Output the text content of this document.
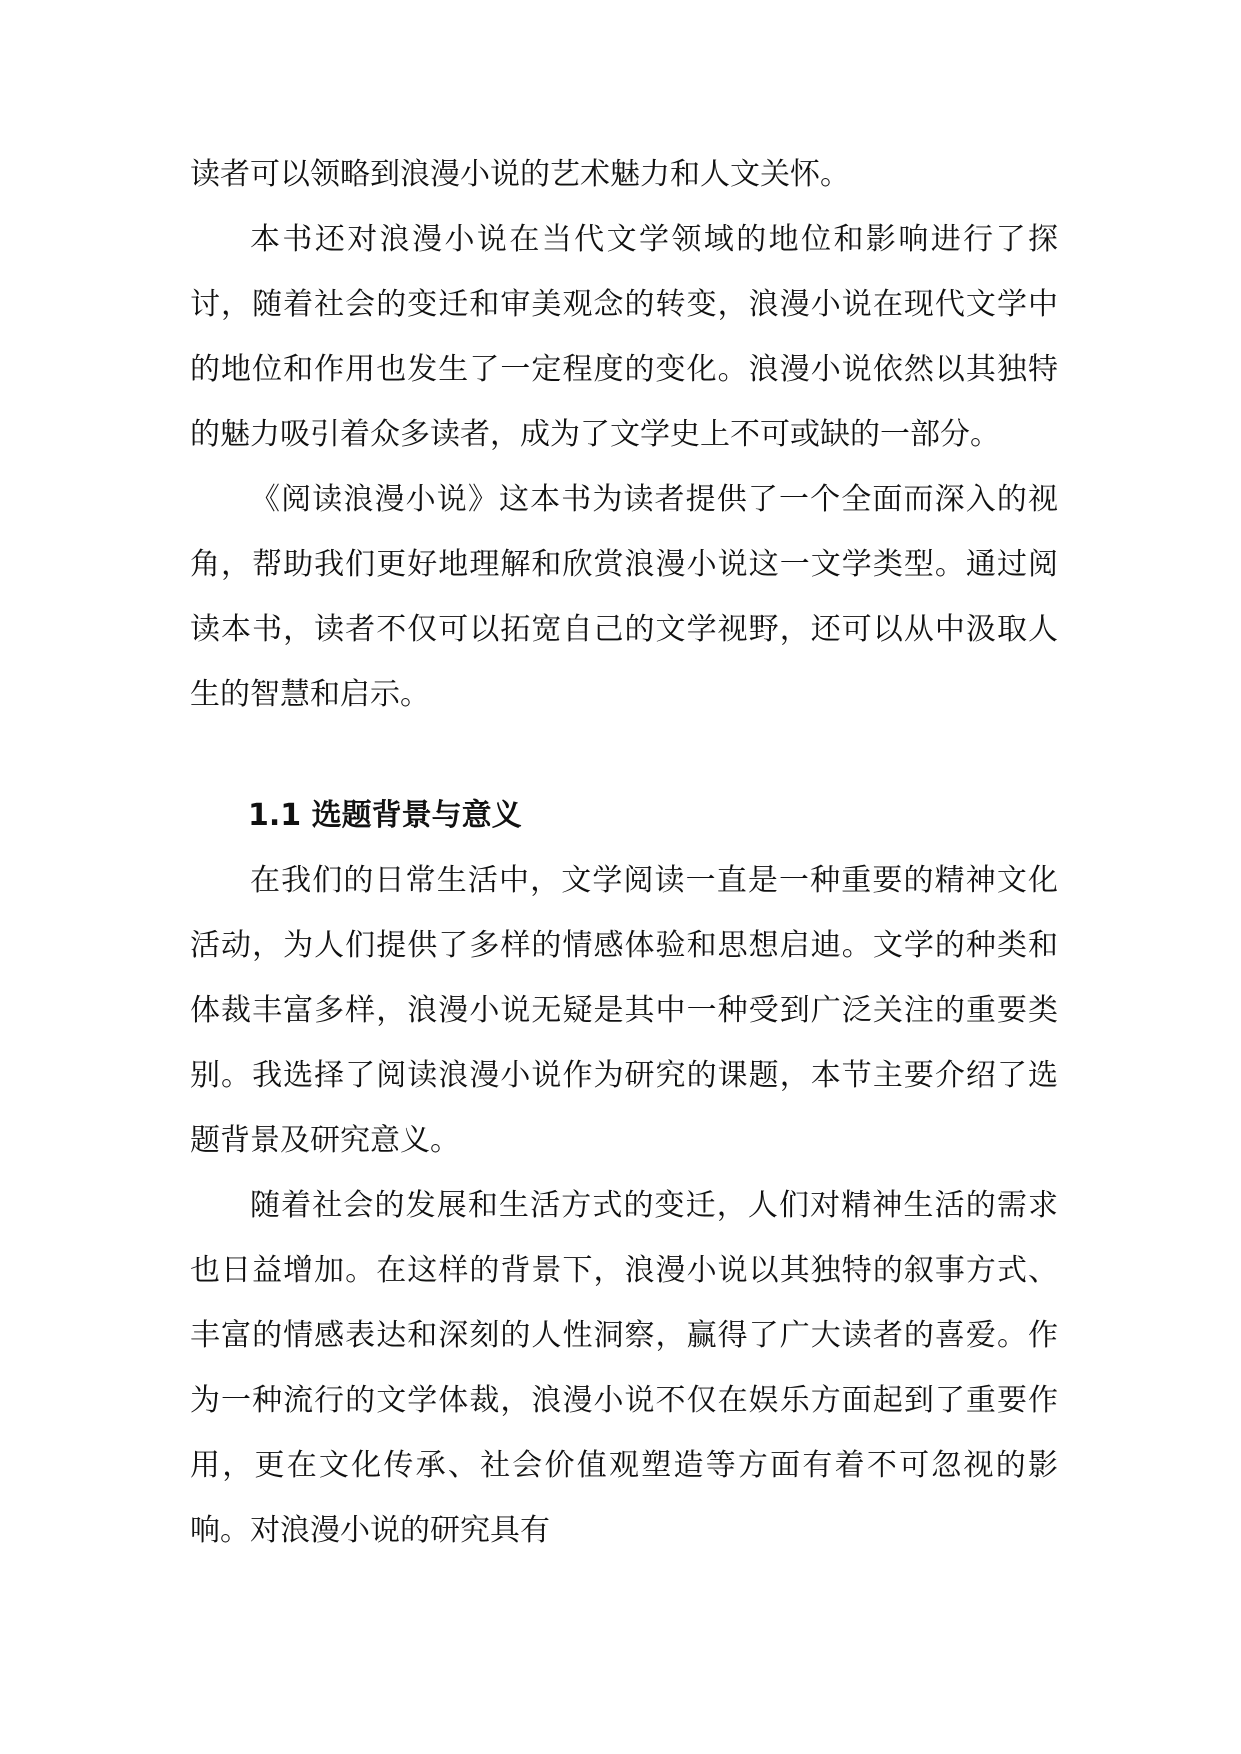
读者可以领略到浪漫小说的艺术魅力和人文关怀。

本书还对浪漫小说在当代文学领域的地位和影响进行了探讨，随着社会的变迁和审美观念的转变，浪漫小说在现代文学中的地位和作用也发生了一定程度的变化。浪漫小说依然以其独特的魅力吸引着众多读者，成为了文学史上不可或缺的一部分。

《阅读浪漫小说》这本书为读者提供了一个全面而深入的视角，帮助我们更好地理解和欣赏浪漫小说这一文学类型。通过阅读本书，读者不仅可以拓宽自己的文学视野，还可以从中汲取人生的智慧和启示。

1.1 选题背景与意义

在我们的日常生活中，文学阅读一直是一种重要的精神文化活动，为人们提供了多样的情感体验和思想启迪。文学的种类和体裁丰富多样，浪漫小说无疑是其中一种受到广泛关注的重要类别。我选择了阅读浪漫小说作为研究的课题，本节主要介绍了选题背景及研究意义。

随着社会的发展和生活方式的变迁，人们对精神生活的需求也日益增加。在这样的背景下，浪漫小说以其独特的叙事方式、丰富的情感表达和深刻的人性洞察，赢得了广大读者的喜爱。作为一种流行的文学体裁，浪漫小说不仅在娱乐方面起到了重要作用，更在文化传承、社会价值观塑造等方面有着不可忽视的影响。对浪漫小说的研究具有
